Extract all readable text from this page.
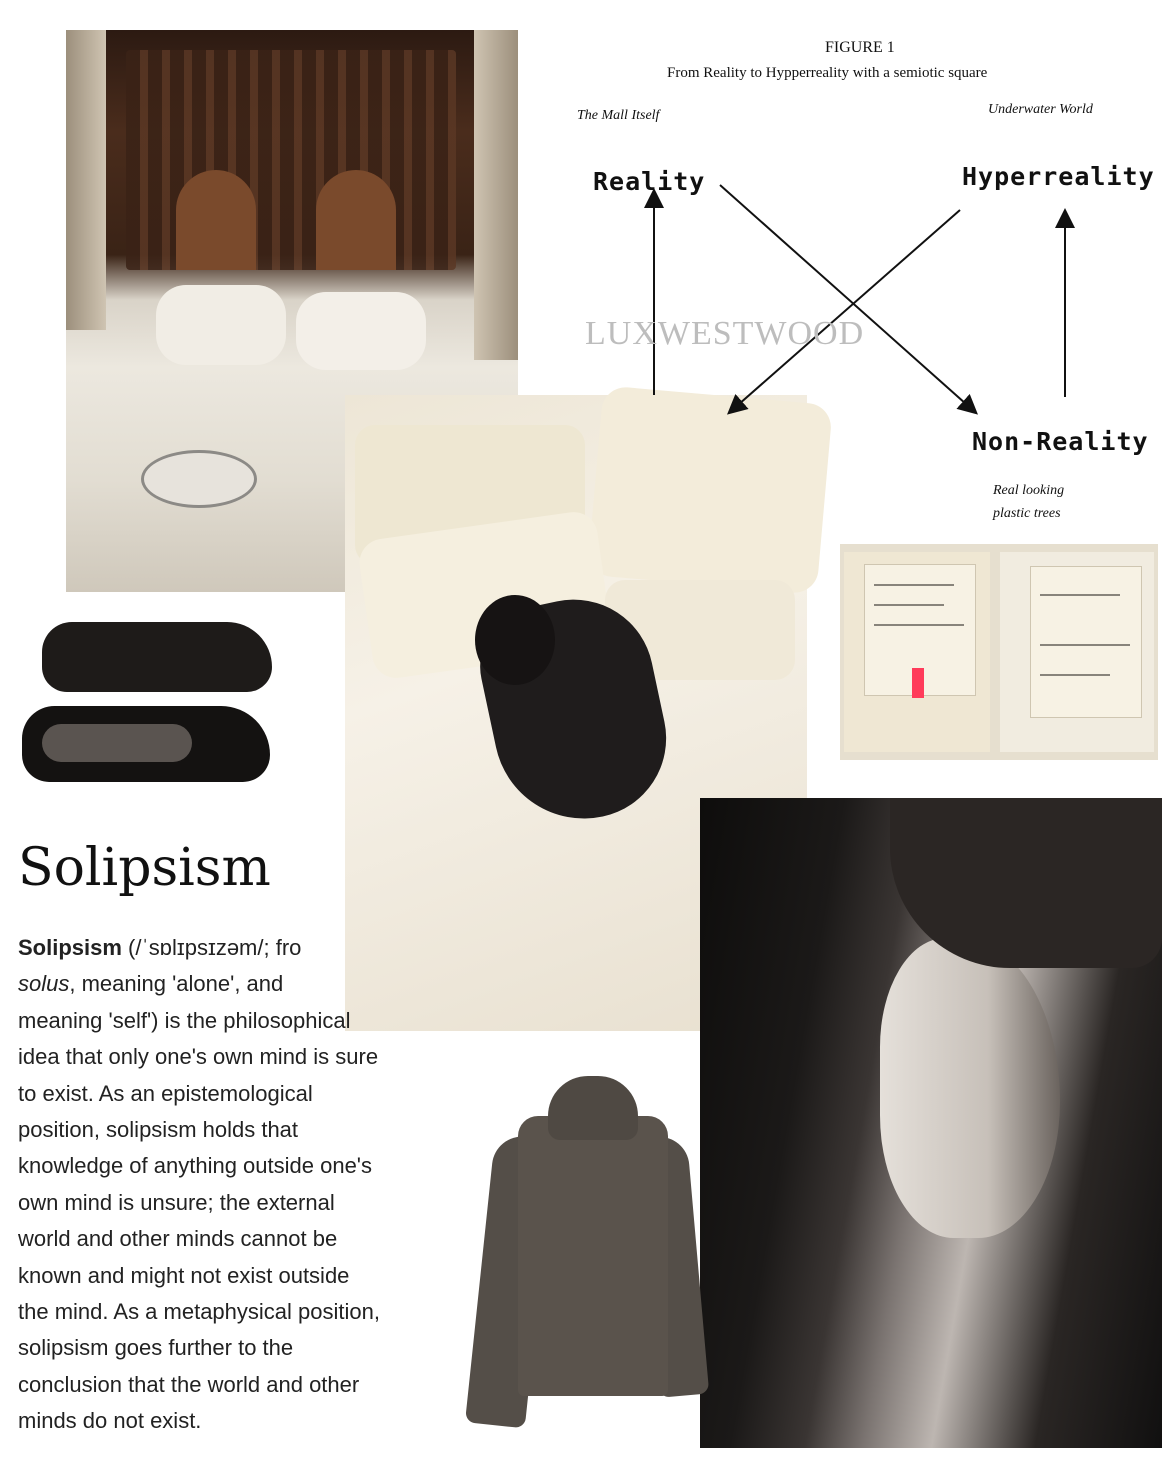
FIGURE 1
From Reality to Hypperreality with a semiotic square
The Mall Itself	Underwater World
Reality	Hyperreality
Non-Reality
Real looking
plastic trees
LUXWESTWOOD
Solipsism

Solipsism (/ˈsɒlɪpsɪzəm/; fro

solus, meaning 'alone', and

meaning 'self') is the philosophical

idea that only one's own mind is sure

to exist. As an epistemological

position, solipsism holds that

knowledge of anything outside one's

own mind is unsure; the external

world and other minds cannot be

known and might not exist outside

the mind. As a metaphysical position,

solipsism goes further to the

conclusion that the world and other

minds do not exist.
